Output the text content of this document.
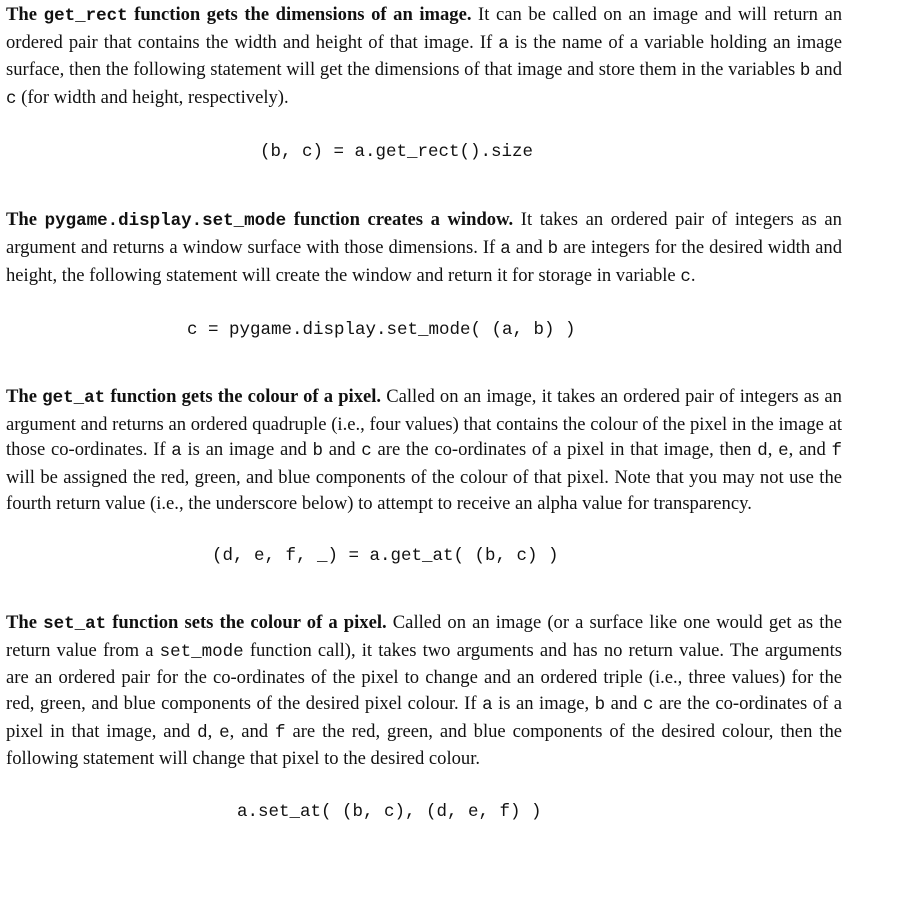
The get_rect function gets the dimensions of an image. It can be called on an image and will return an ordered pair that contains the width and height of that image. If a is the name of a variable holding an image surface, then the following statement will get the dimensions of that image and store them in the variables b and c (for width and height, respectively).

(b, c) = a.get_rect().size

The pygame.display.set_mode function creates a window. It takes an ordered pair of integers as an argument and returns a window surface with those dimensions. If a and b are integers for the desired width and height, the following statement will create the window and return it for storage in variable c.

c = pygame.display.set_mode( (a, b) )

The get_at function gets the colour of a pixel. Called on an image, it takes an ordered pair of integers as an argument and returns an ordered quadruple (i.e., four values) that contains the colour of the pixel in the image at those co-ordinates. If a is an image and b and c are the co-ordinates of a pixel in that image, then d, e, and f will be assigned the red, green, and blue components of the colour of that pixel. Note that you may not use the fourth return value (i.e., the underscore below) to attempt to receive an alpha value for transparency.

(d, e, f, _) = a.get_at( (b, c) )

The set_at function sets the colour of a pixel. Called on an image (or a surface like one would get as the return value from a set_mode function call), it takes two arguments and has no return value. The arguments are an ordered pair for the co-ordinates of the pixel to change and an ordered triple (i.e., three values) for the red, green, and blue components of the desired pixel colour. If a is an image, b and c are the co-ordinates of a pixel in that image, and d, e, and f are the red, green, and blue components of the desired colour, then the following statement will change that pixel to the desired colour.

a.set_at( (b, c), (d, e, f) )
